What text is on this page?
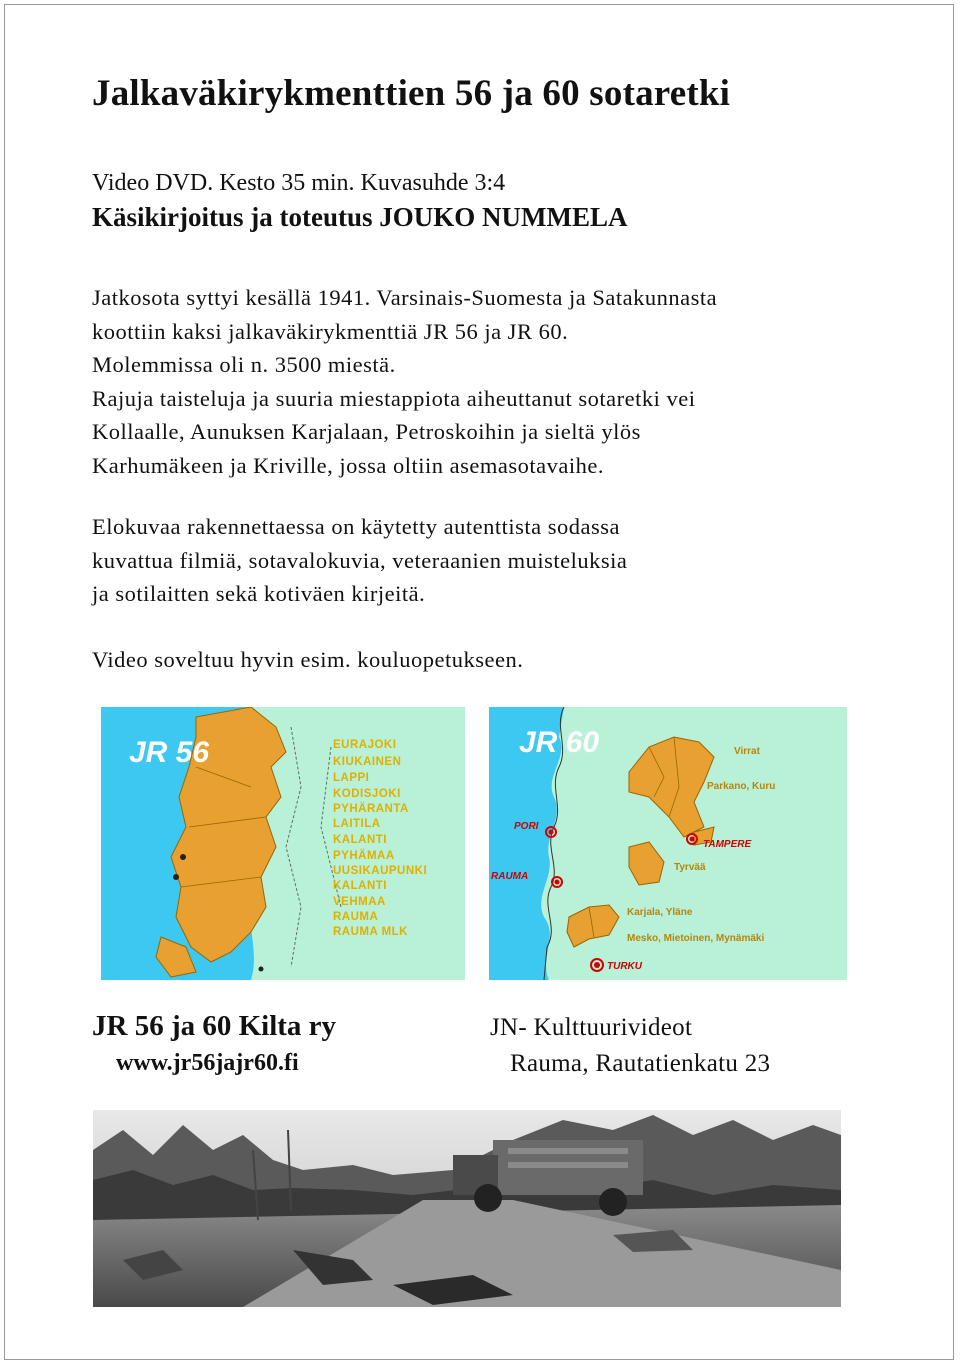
Jalkaväkirykmenttien 56 ja 60 sotaretki

Video DVD. Kesto 35 min. Kuvasuhde 3:4

Käsikirjoitus ja toteutus JOUKO NUMMELA

Jatkosota syttyi kesällä 1941. Varsinais-Suomesta ja Satakunnasta
koottiin kaksi jalkaväkirykmenttiä JR 56 ja JR 60.
Molemmissa oli n. 3500 miestä.
Rajuja taisteluja ja suuria miestappiota aiheuttanut sotaretki vei
Kollaalle, Aunuksen Karjalaan, Petroskoihin ja sieltä ylös
Karhumäkeen ja Kriville, jossa oltiin asemasotavaihe.

Elokuvaa rakennettaessa on käytetty autenttista sodassa
kuvattua filmiä, sotavalokuvia, veteraanien muisteluksia
ja sotilaitten sekä kotiväen kirjeitä.

Video soveltuu hyvin esim. kouluopetukseen.

JR 56	EURAJOKI
KIUKAINEN
LAPPI
KODISJOKI
PYHÄRANTA
LAITILA
KALANTI
PYHÄMAA
UUSIKAUPUNKI
KALANTI
VEHMAA
RAUMA
RAUMA MLK
JR 60
PORI
RAUMA
TAMPERE
TURKU
Virrat
Parkano, Kuru
Tyrvää
Karjala, Yläne
Mesko, Mietoinen, Mynämäki

JR 56 ja 60 Kilta ry

www.jr56jajr60.fi

JN- Kulttuurivideot

Rauma, Rautatienkatu 23
